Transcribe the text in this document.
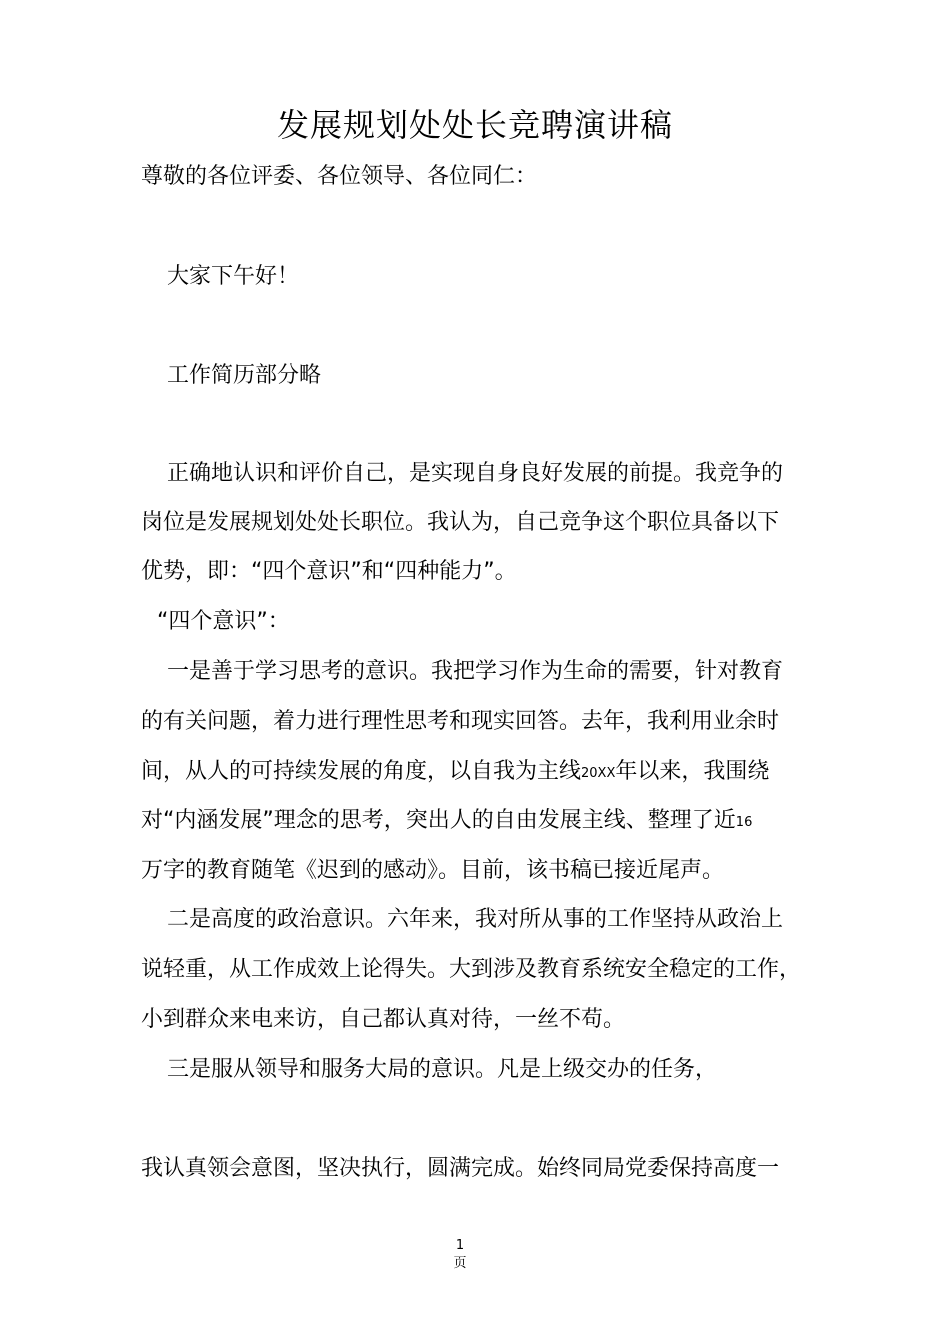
发展规划处处长竞聘演讲稿
尊敬的各位评委、各位领导、各位同仁：
大家下午好！
工作简历部分略
正确地认识和评价自己，是实现自身良好发展的前提。我竞争的
岗位是发展规划处处长职位。我认为，自己竞争这个职位具备以下
优势，即：“四个意识”和“四种能力”。
“四个意识”：
一是善于学习思考的意识。我把学习作为生命的需要，针对教育
的有关问题，着力进行理性思考和现实回答。去年，我利用业余时
间，从人的可持续发展的角度，以自我为主线20XX年以来，我围绕
对“内涵发展”理念的思考，突出人的自由发展主线、整理了近16
万字的教育随笔《迟到的感动》。目前，该书稿已接近尾声。
二是高度的政治意识。六年来，我对所从事的工作坚持从政治上
说轻重，从工作成效上论得失。大到涉及教育系统安全稳定的工作，
小到群众来电来访，自己都认真对待，一丝不苟。
三是服从领导和服务大局的意识。凡是上级交办的任务，
我认真领会意图，坚决执行，圆满完成。始终同局党委保持高度一
1
页
